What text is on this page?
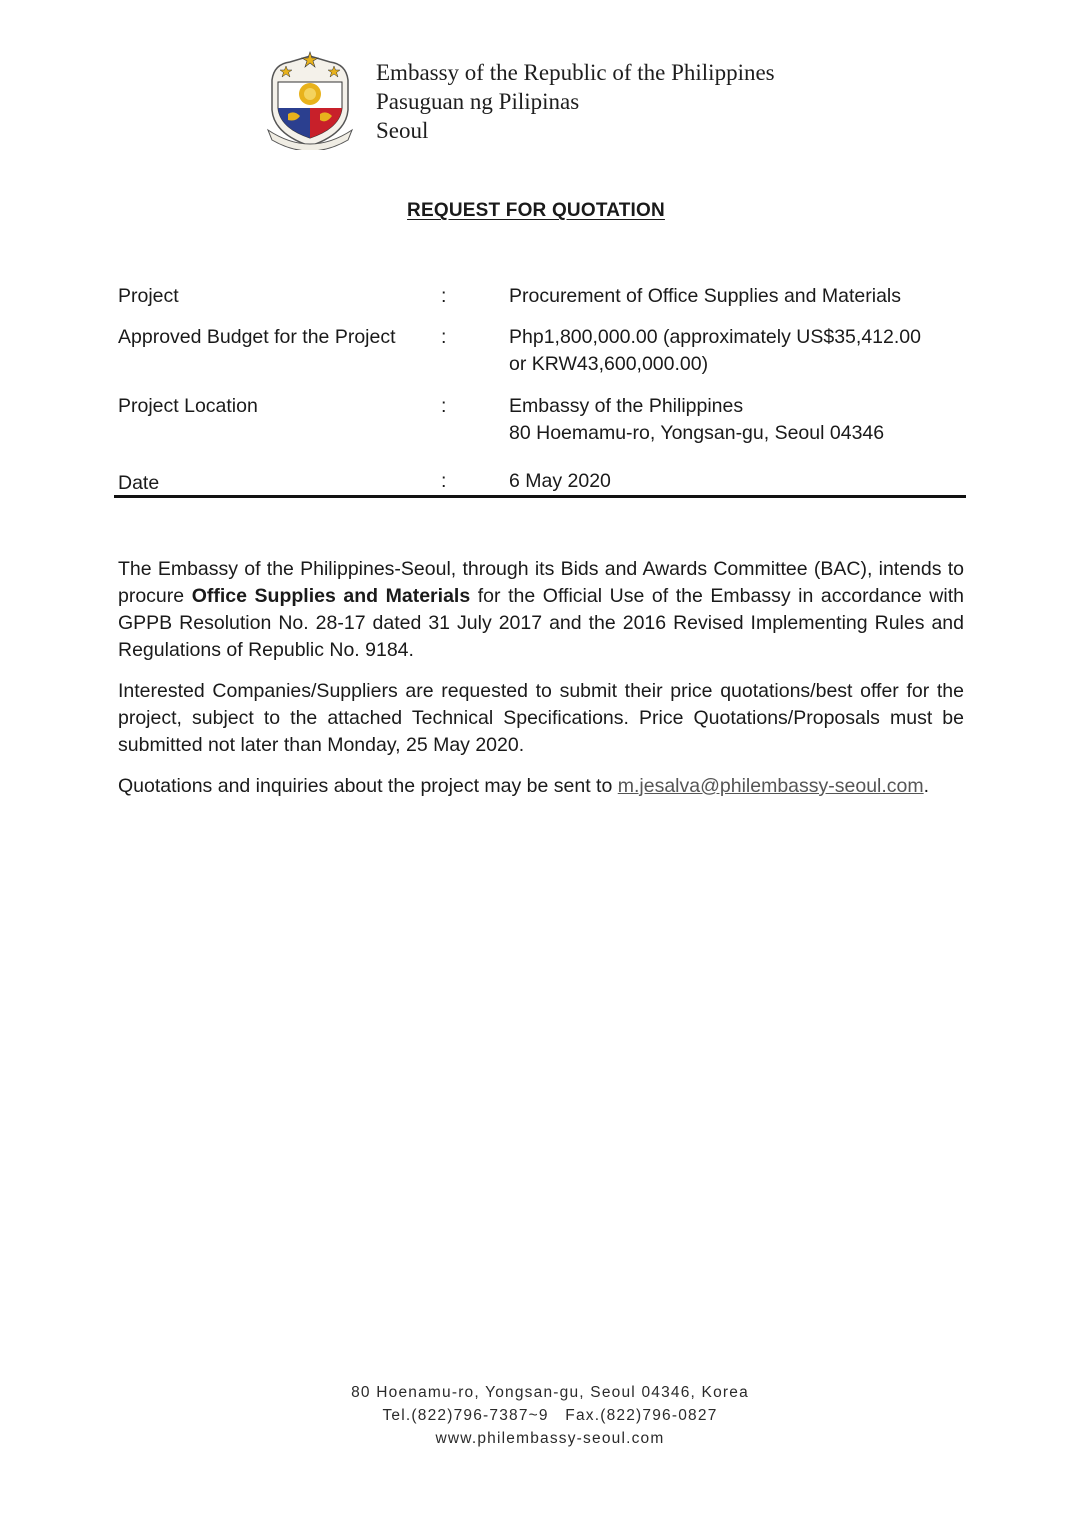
Embassy of the Republic of the Philippines
Pasuguan ng Pilipinas
Seoul
REQUEST FOR QUOTATION
Project	:	Procurement of Office Supplies and Materials
Approved Budget for the Project :	Php1,800,000.00 (approximately US$35,412.00
or KRW43,600,000.00)
Project Location	:	Embassy of the Philippines
80 Hoemamu-ro, Yongsan-gu, Seoul 04346
Date	:	6 May 2020

The Embassy of the Philippines-Seoul, through its Bids and Awards Committee (BAC), intends to procure Office Supplies and Materials for the Official Use of the Embassy in accordance with GPPB Resolution No. 28-17 dated 31 July 2017 and the 2016 Revised Implementing Rules and Regulations of Republic No. 9184.

Interested Companies/Suppliers are requested to submit their price quotations/best offer for the project, subject to the attached Technical Specifications. Price Quotations/Proposals must be submitted not later than Monday, 25 May 2020.

Quotations and inquiries about the project may be sent to m.jesalva@philembassy-seoul.com.

80 Hoenamu-ro, Yongsan-gu, Seoul 04346, Korea
Tel.(822)796-7387~9 Fax.(822)796-0827
www.philembassy-seoul.com
